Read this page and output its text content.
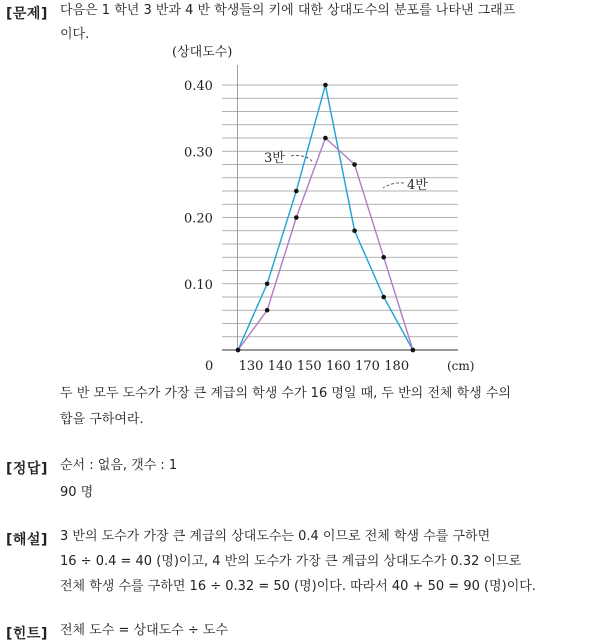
[문제] 다음은 1 학년 3 반과 4 반 학생들의 키에 대한 상대도수의 분포를 나타낸 그래프
이다.
(상대도수)
0.10
0.20
0.30
0.40
0 130 140 150 160 170 180	(cm)
3반
4반
두 반 모두 도수가 가장 큰 계급의 학생 수가 16 명일 때, 두 반의 전체 학생 수의
합을 구하여라.
[정답] 순서 : 없음, 갯수 : 1
90 명
[해설] 3 반의 도수가 가장 큰 계급의 상대도수는 0.4 이므로 전체 학생 수를 구하면
16 ÷ 0.4 = 40 (명)이고, 4 반의 도수가 가장 큰 계급의 상대도수가 0.32 이므로
전체 학생 수를 구하면 16 ÷ 0.32 = 50 (명)이다. 따라서 40 + 50 = 90 (명)이다.
[힌트] 전체 도수 = 상대도수 ÷ 도수
